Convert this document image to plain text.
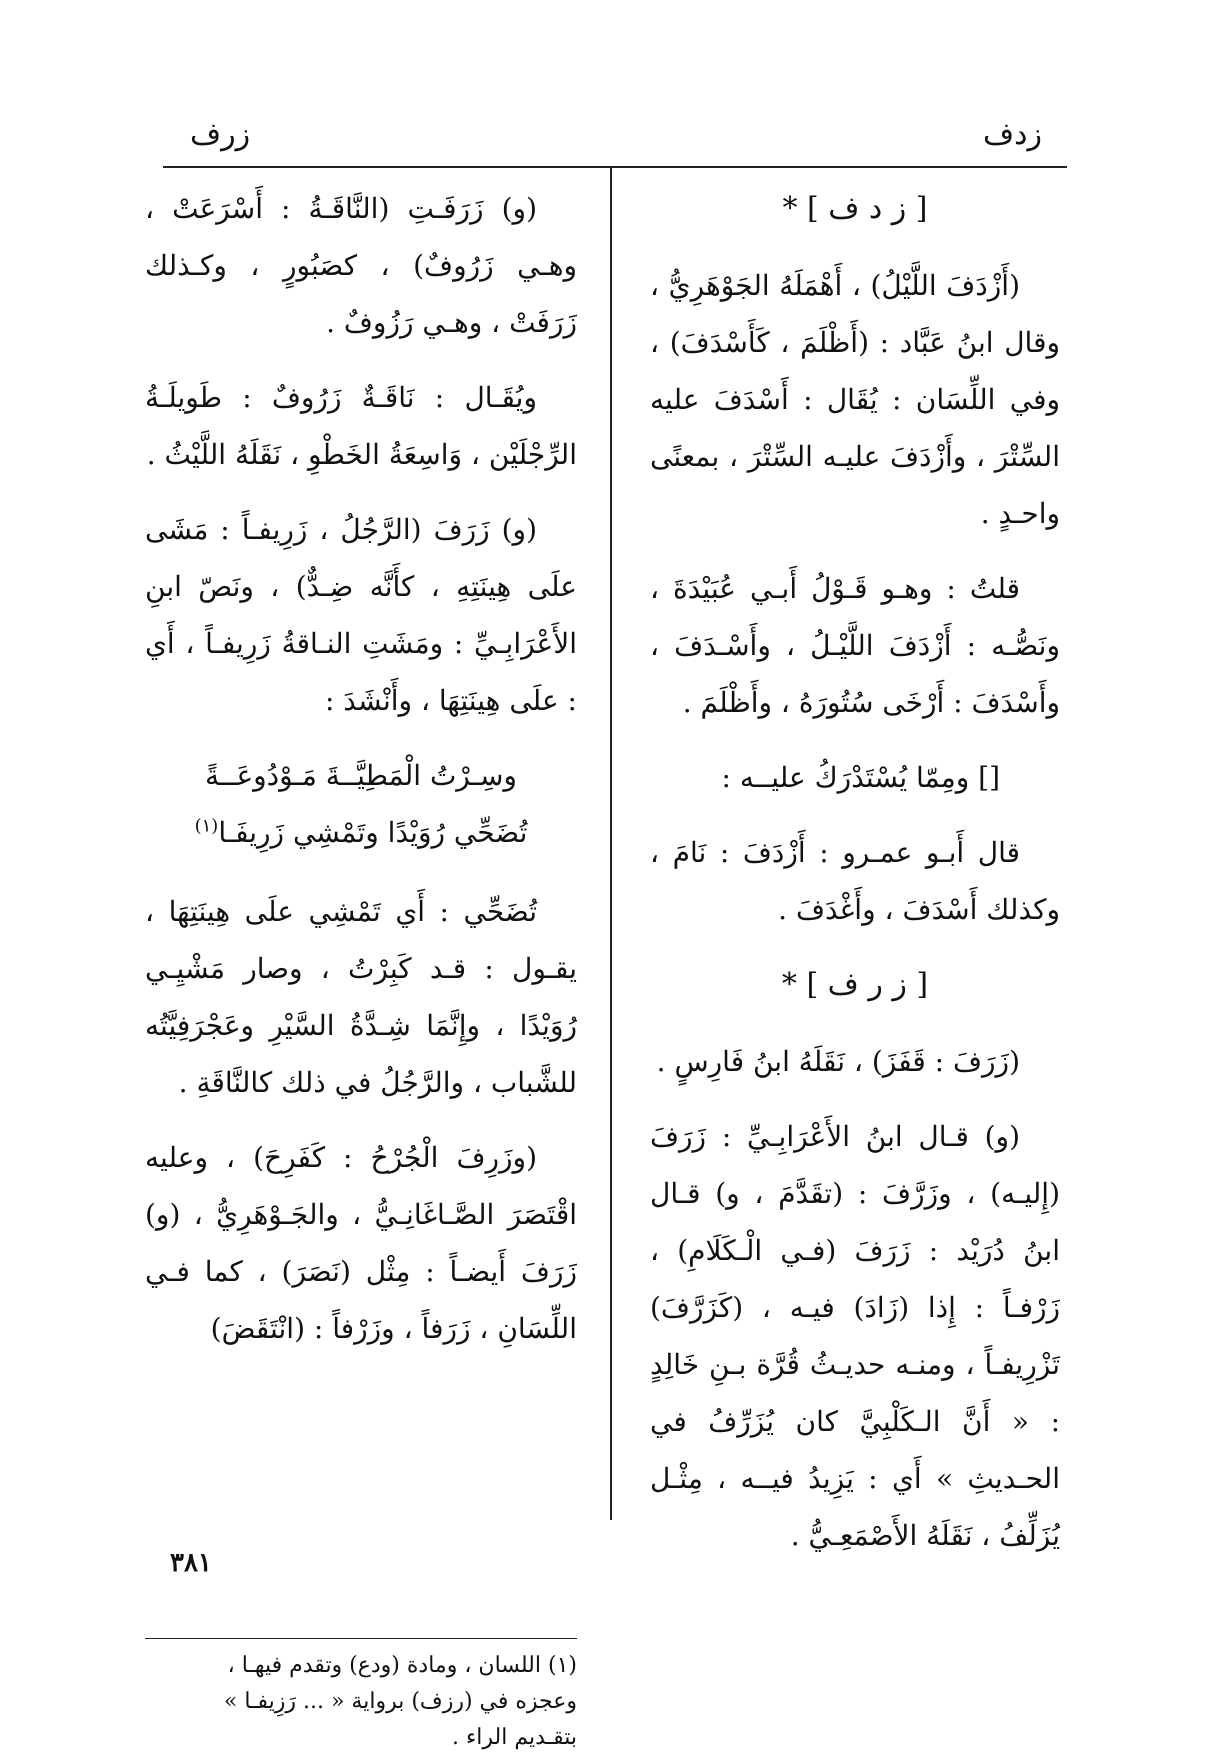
زدف
زرف

[ ز د ف ] *

(أَزْدَفَ اللَّيْلُ) ، أَهْمَلَهُ الجَوْهَرِيُّ ، وقال ابنُ عَبَّاد : (أَظْلَمَ ، كَأَسْدَفَ) ، وفي اللِّسَان : يُقَال : أَسْدَفَ عليه السِّتْرَ ، وأَزْدَفَ عليـه السِّتْرَ ، بمعنًى واحـدٍ .

قلتُ : وهـو قَـوْلُ أَبـي عُبَيْدَةَ ، ونَصُّـه : أَزْدَفَ اللَّيْـلُ ، وأَسْـدَفَ ، وأَسْدَفَ : أَرْخَى سُتُورَهُ ، وأَظْلَمَ .

[] ومِمّا يُسْتَدْرَكُ عليــه :

قال أَبـو عمـرو : أَزْدَفَ : نَامَ ، وكذلك أَسْدَفَ ، وأَغْدَفَ .

[ ز ر ف ] *

(زَرَفَ : قَفَزَ) ، نَقَلَهُ ابنُ فَارِسٍ .

(و) قـال ابنُ الأَعْرَابِـيِّ : زَرَفَ (إِليـه) ، وزَرَّفَ : (تقَدَّمَ ، و) قـال ابنُ دُرَيْد : زَرَفَ (فـي الْـكَلَامِ) ، زَرْفـاً : إِذا (زَادَ) فيـه ، (كَزَرَّفَ) تَزْرِيفـاً ، ومنـه حديـثُ قُرَّة بـنِ خَالِدٍ : « أَنَّ الـكَلْبِيَّ كان يُزَرِّفُ في الحـديثِ » أَي : يَزِيدُ فيــه ، مِثْـل يُزَلِّفُ ، نَقَلَهُ الأَصْمَعِـيُّ .

(و) زَرَفَـتِ (النَّاقَـةُ : أَسْرَعَتْ ، وهـي زَرُوفٌ) ، كصَبُورٍ ، وكـذلك زَرَفَتْ ، وهـي رَزُوفٌ .

ويُقَـال : نَاقَـةٌ زَرُوفٌ : طَويلَـةُ الرِّجْلَيْن ، وَاسِعَةُ الخَطْوِ ، نَقَلَهُ اللَّيْثُ .

(و) زَرَفَ (الرَّجُلُ ، زَرِيفـاً : مَشَى علَى هِينَتِهِ ، كأَنَّه ضِـدٌّ) ، ونَصّ ابنِ الأَعْرَابِـيِّ : ومَشَتِ النـاقةُ زَرِيفـاً ، أَي : علَى هِينَتِهَا ، وأَنْشَدَ :

وسِـرْتُ الْمَطِيَّــةَ مَـوْدُوعَــةً

تُضَحِّي رُوَيْدًا وتَمْشِي زَرِيفَـا$^{(١)}$

تُضَحِّي : أَي تَمْشِي علَى هِينَتِهَا ، يقـول : قـد كَبِرْتُ ، وصار مَشْيِـي رُوَيْدًا ، وإِنَّمَا شِـدَّةُ السَّيْرِ وعَجْرَفِيَّتُه للشَّباب ، والرَّجُلُ في ذلك كالنَّاقَةِ .

(وزَرِفَ الْجُرْحُ : كَفَرِحَ) ، وعليه اقْتَصَرَ الصَّـاغَانِـيُّ ، والجَـوْهَرِيُّ ، (و) زَرَفَ أَيضـاً : مِثْل (نَصَرَ) ، كما فـي اللِّسَانِ ، زَرَفاً ، وزَرْفاً : (انْتَقَضَ)

(١) اللسان ، ومادة (ودع) وتقدم فيهـا ،

وعجزه في (رزف) برواية « ... رَزِيفـا »

بتقـديم الراء .

٣٨١
